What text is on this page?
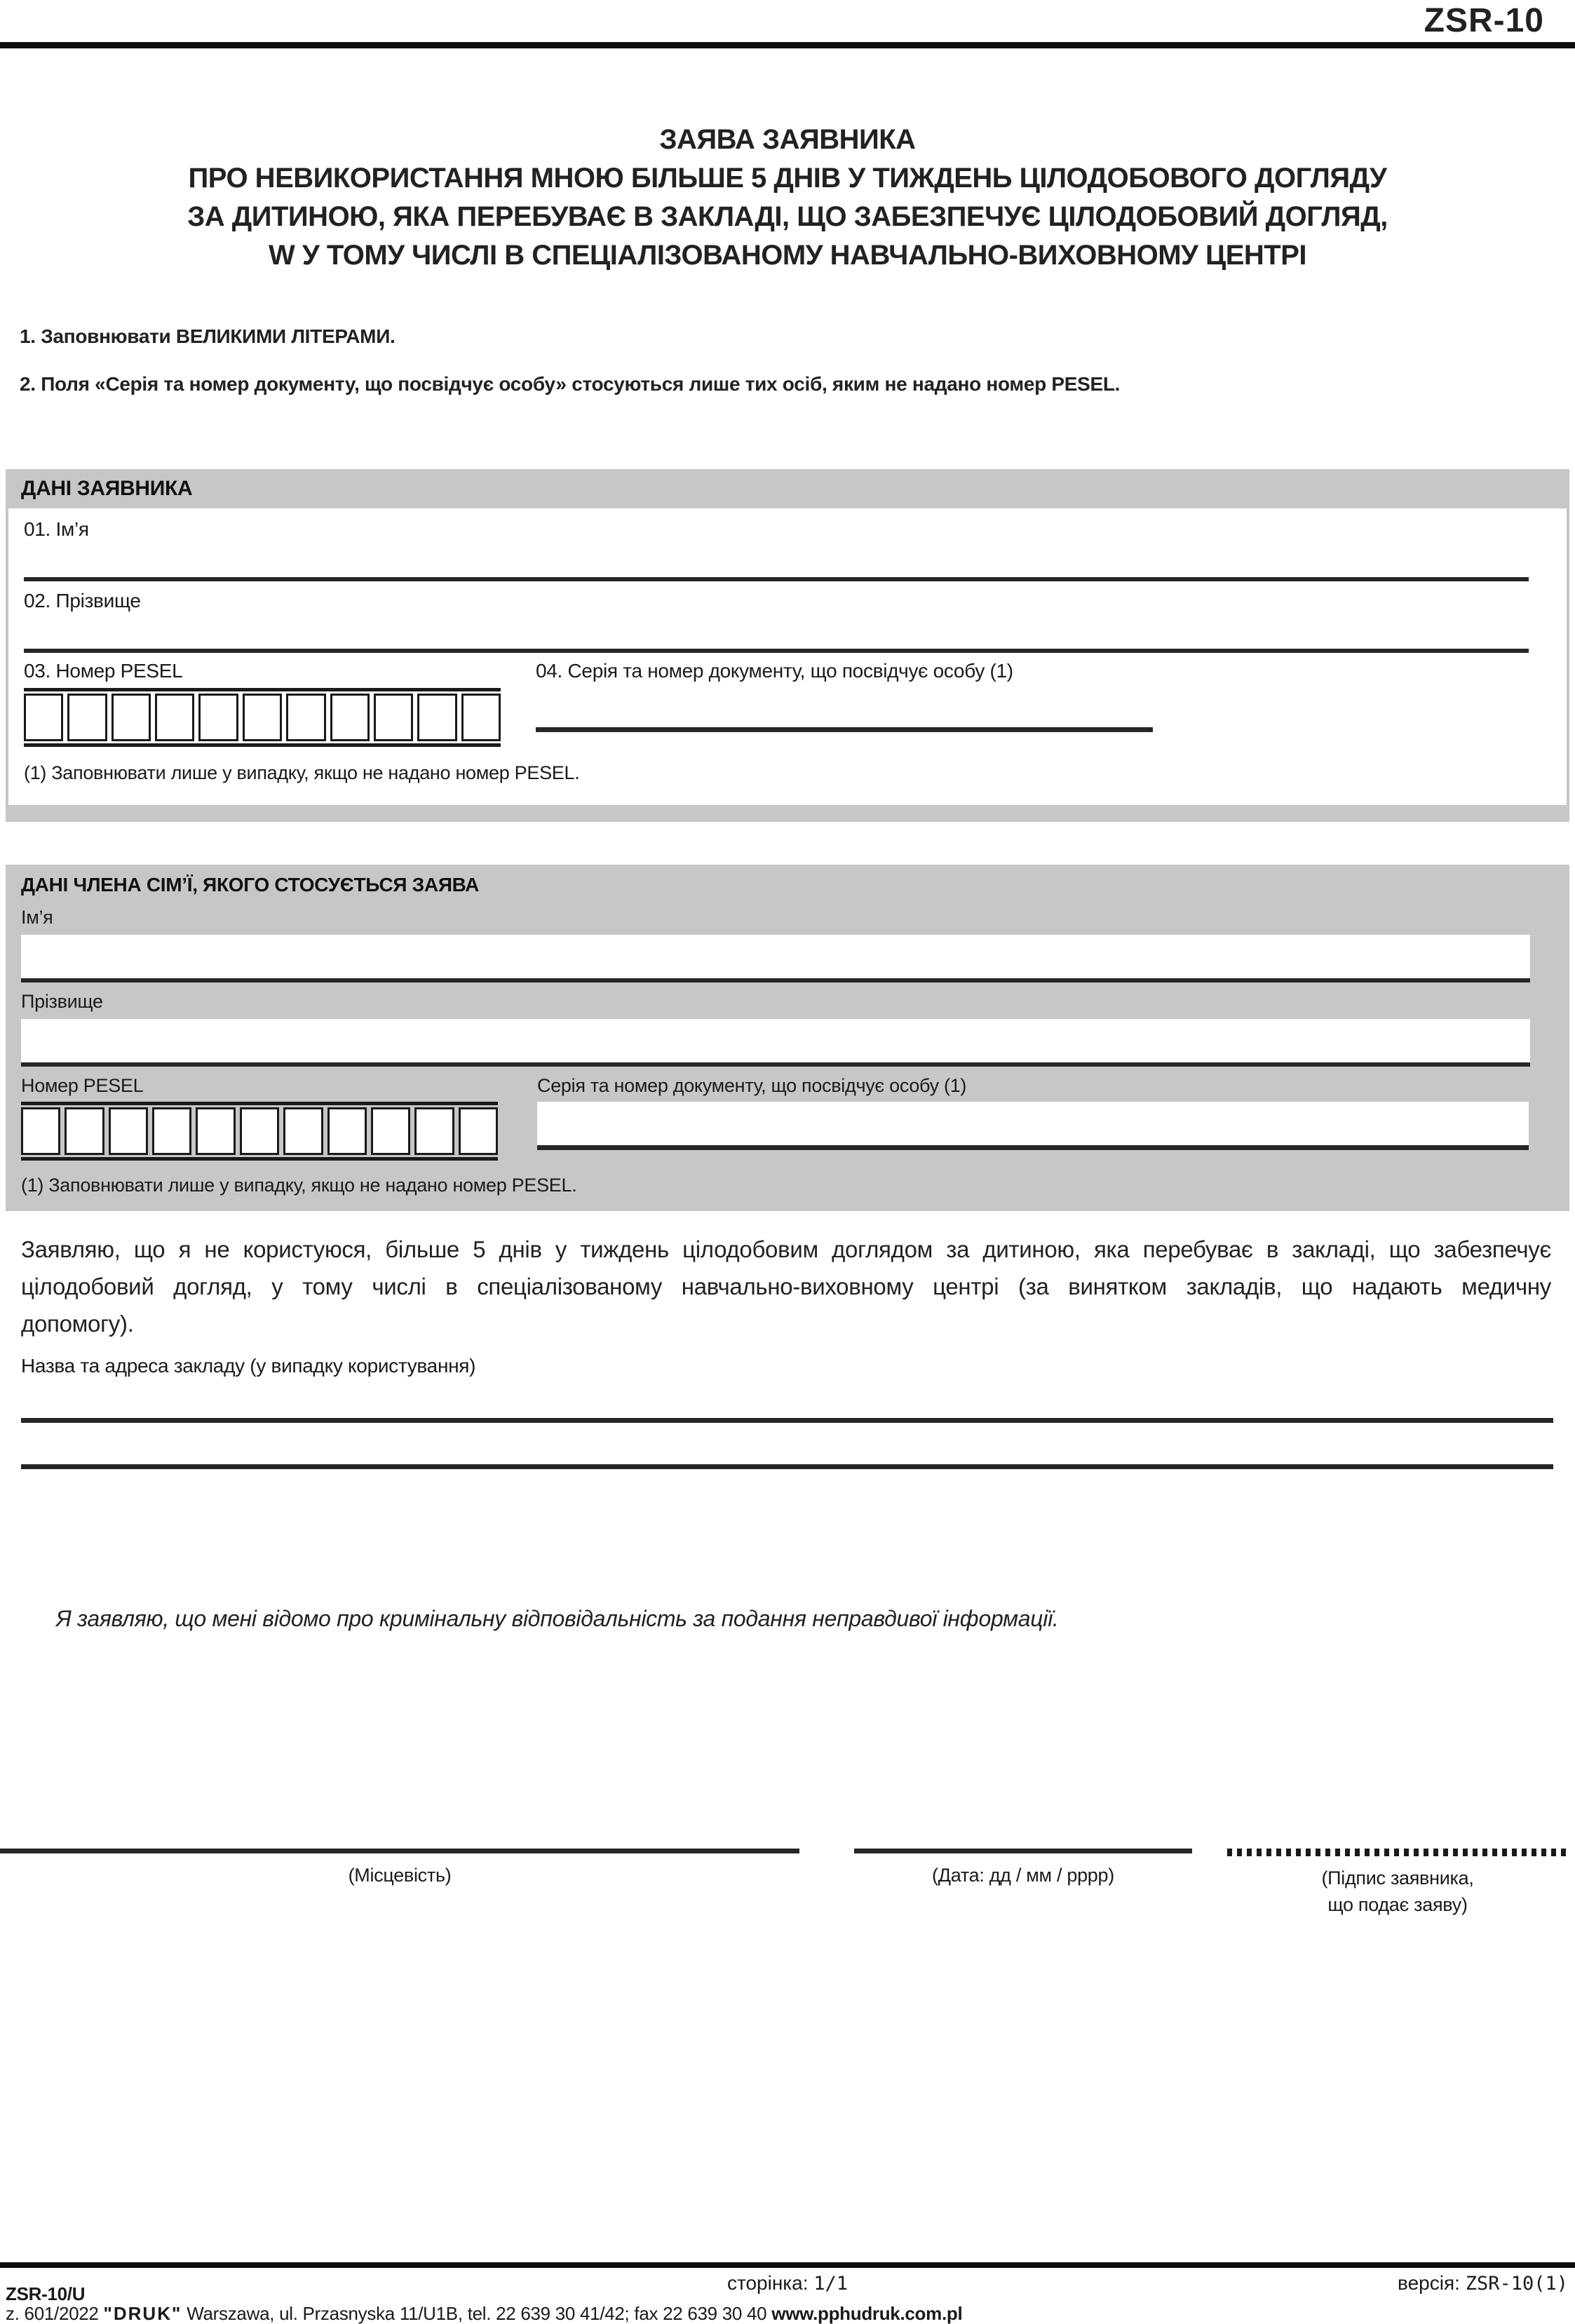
ZSR-10
ЗАЯВА ЗАЯВНИКА
ПРО НЕВИКОРИСТАННЯ МНОЮ БІЛЬШЕ 5 ДНІВ У ТИЖДЕНЬ ЦІЛОДОБОВОГО ДОГЛЯДУ
ЗА ДИТИНОЮ, ЯКА ПЕРЕБУВАЄ В ЗАКЛАДІ, ЩО ЗАБЕЗПЕЧУЄ ЦІЛОДОБОВИЙ ДОГЛЯД,
W У ТОМУ ЧИСЛІ В СПЕЦІАЛІЗОВАНОМУ НАВЧАЛЬНО-ВИХОВНОМУ ЦЕНТРІ
1. Заповнювати ВЕЛИКИМИ ЛІТЕРАМИ.
2. Поля «Серія та номер документу, що посвідчує особу» стосуються лише тих осіб, яким не надано номер PESEL.
ДАНІ ЗАЯВНИКА
01. Ім’я
02. Прізвище
03. Номер PESEL	04. Серія та номер документу, що посвідчує особу (1)
(1) Заповнювати лише у випадку, якщо не надано номер PESEL.
ДАНІ ЧЛЕНА СІМ’Ї, ЯКОГО СТОСУЄТЬСЯ ЗАЯВА
Ім’я
Прізвище
Номер PESEL	Серія та номер документу, що посвідчує особу (1)
(1) Заповнювати лише у випадку, якщо не надано номер PESEL.
Заявляю, що я не користуюся, більше 5 днів у тиждень цілодобовим доглядом за дитиною, яка перебуває в закладі, що забезпечує цілодобовий догляд, у тому числі в спеціалізованому навчально-виховному центрі (за винятком закладів, що надають медичну допомогу).
Назва та адреса закладу (у випадку користування)
Я заявляю, що мені відомо про кримінальну відповідальність за подання неправдивої інформації.
(Місцевість)	(Дата: дд / мм / рррр)	(Підпис заявника,
що подає заяву)
ZSR-10/U	сторінка: 1/1	версія: ZSR-10(1)
z. 601/2022 "DRUK" Warszawa, ul. Przasnyska 11/U1B, tel. 22 639 30 41/42; fax 22 639 30 40 www.pphudruk.com.pl
